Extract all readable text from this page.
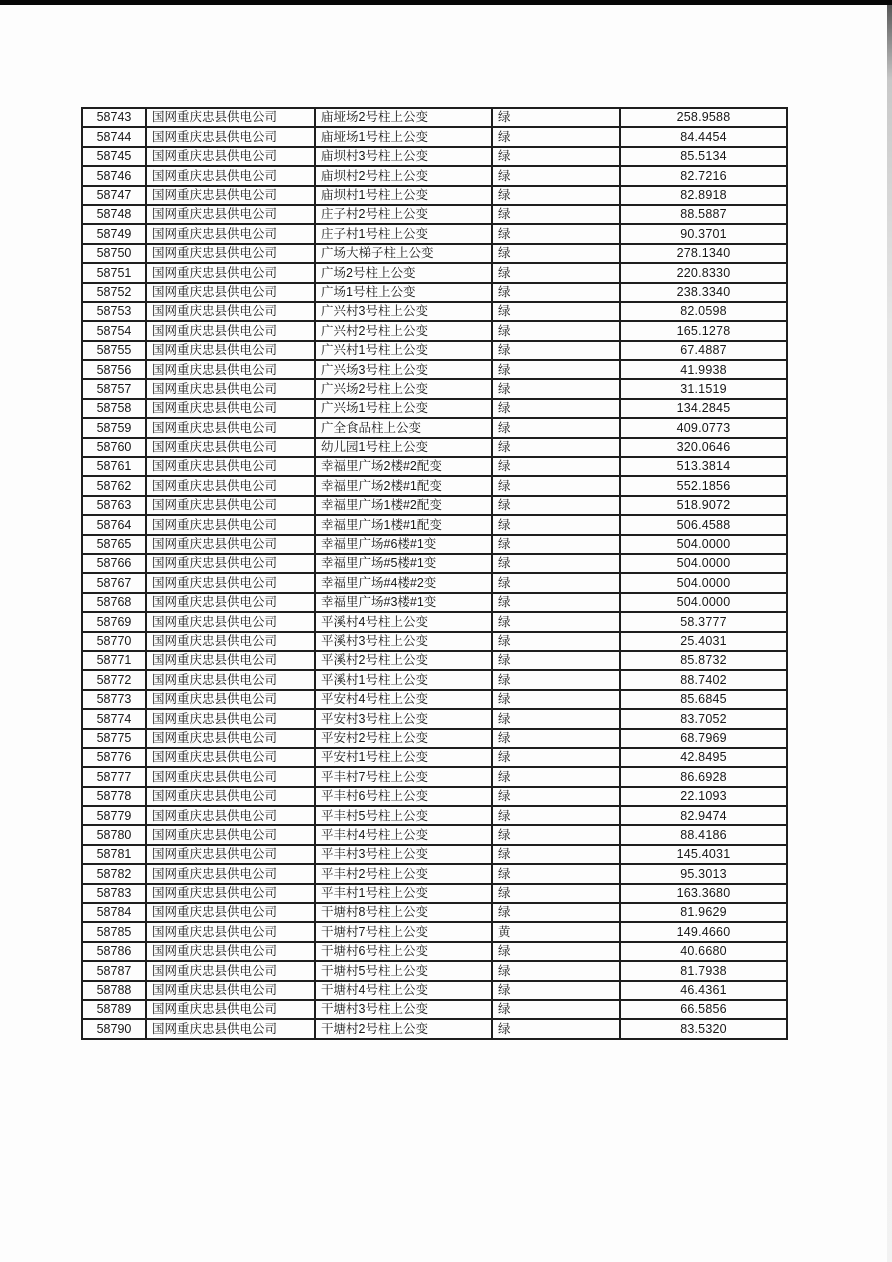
58743	国网重庆忠县供电公司	庙垭场2号柱上公变	绿	258.9588
58744	国网重庆忠县供电公司	庙垭场1号柱上公变	绿	84.4454
58745	国网重庆忠县供电公司	庙坝村3号柱上公变	绿	85.5134
58746	国网重庆忠县供电公司	庙坝村2号柱上公变	绿	82.7216
58747	国网重庆忠县供电公司	庙坝村1号柱上公变	绿	82.8918
58748	国网重庆忠县供电公司	庄子村2号柱上公变	绿	88.5887
58749	国网重庆忠县供电公司	庄子村1号柱上公变	绿	90.3701
58750	国网重庆忠县供电公司	广场大梯子柱上公变	绿	278.1340
58751	国网重庆忠县供电公司	广场2号柱上公变	绿	220.8330
58752	国网重庆忠县供电公司	广场1号柱上公变	绿	238.3340
58753	国网重庆忠县供电公司	广兴村3号柱上公变	绿	82.0598
58754	国网重庆忠县供电公司	广兴村2号柱上公变	绿	165.1278
58755	国网重庆忠县供电公司	广兴村1号柱上公变	绿	67.4887
58756	国网重庆忠县供电公司	广兴场3号柱上公变	绿	41.9938
58757	国网重庆忠县供电公司	广兴场2号柱上公变	绿	31.1519
58758	国网重庆忠县供电公司	广兴场1号柱上公变	绿	134.2845
58759	国网重庆忠县供电公司	广全食品柱上公变	绿	409.0773
58760	国网重庆忠县供电公司	幼儿园1号柱上公变	绿	320.0646
58761	国网重庆忠县供电公司	幸福里广场2楼#2配变	绿	513.3814
58762	国网重庆忠县供电公司	幸福里广场2楼#1配变	绿	552.1856
58763	国网重庆忠县供电公司	幸福里广场1楼#2配变	绿	518.9072
58764	国网重庆忠县供电公司	幸福里广场1楼#1配变	绿	506.4588
58765	国网重庆忠县供电公司	幸福里广场#6楼#1变	绿	504.0000
58766	国网重庆忠县供电公司	幸福里广场#5楼#1变	绿	504.0000
58767	国网重庆忠县供电公司	幸福里广场#4楼#2变	绿	504.0000
58768	国网重庆忠县供电公司	幸福里广场#3楼#1变	绿	504.0000
58769	国网重庆忠县供电公司	平溪村4号柱上公变	绿	58.3777
58770	国网重庆忠县供电公司	平溪村3号柱上公变	绿	25.4031
58771	国网重庆忠县供电公司	平溪村2号柱上公变	绿	85.8732
58772	国网重庆忠县供电公司	平溪村1号柱上公变	绿	88.7402
58773	国网重庆忠县供电公司	平安村4号柱上公变	绿	85.6845
58774	国网重庆忠县供电公司	平安村3号柱上公变	绿	83.7052
58775	国网重庆忠县供电公司	平安村2号柱上公变	绿	68.7969
58776	国网重庆忠县供电公司	平安村1号柱上公变	绿	42.8495
58777	国网重庆忠县供电公司	平丰村7号柱上公变	绿	86.6928
58778	国网重庆忠县供电公司	平丰村6号柱上公变	绿	22.1093
58779	国网重庆忠县供电公司	平丰村5号柱上公变	绿	82.9474
58780	国网重庆忠县供电公司	平丰村4号柱上公变	绿	88.4186
58781	国网重庆忠县供电公司	平丰村3号柱上公变	绿	145.4031
58782	国网重庆忠县供电公司	平丰村2号柱上公变	绿	95.3013
58783	国网重庆忠县供电公司	平丰村1号柱上公变	绿	163.3680
58784	国网重庆忠县供电公司	干塘村8号柱上公变	绿	81.9629
58785	国网重庆忠县供电公司	干塘村7号柱上公变	黄	149.4660
58786	国网重庆忠县供电公司	干塘村6号柱上公变	绿	40.6680
58787	国网重庆忠县供电公司	干塘村5号柱上公变	绿	81.7938
58788	国网重庆忠县供电公司	干塘村4号柱上公变	绿	46.4361
58789	国网重庆忠县供电公司	干塘村3号柱上公变	绿	66.5856
58790	国网重庆忠县供电公司	干塘村2号柱上公变	绿	83.5320
